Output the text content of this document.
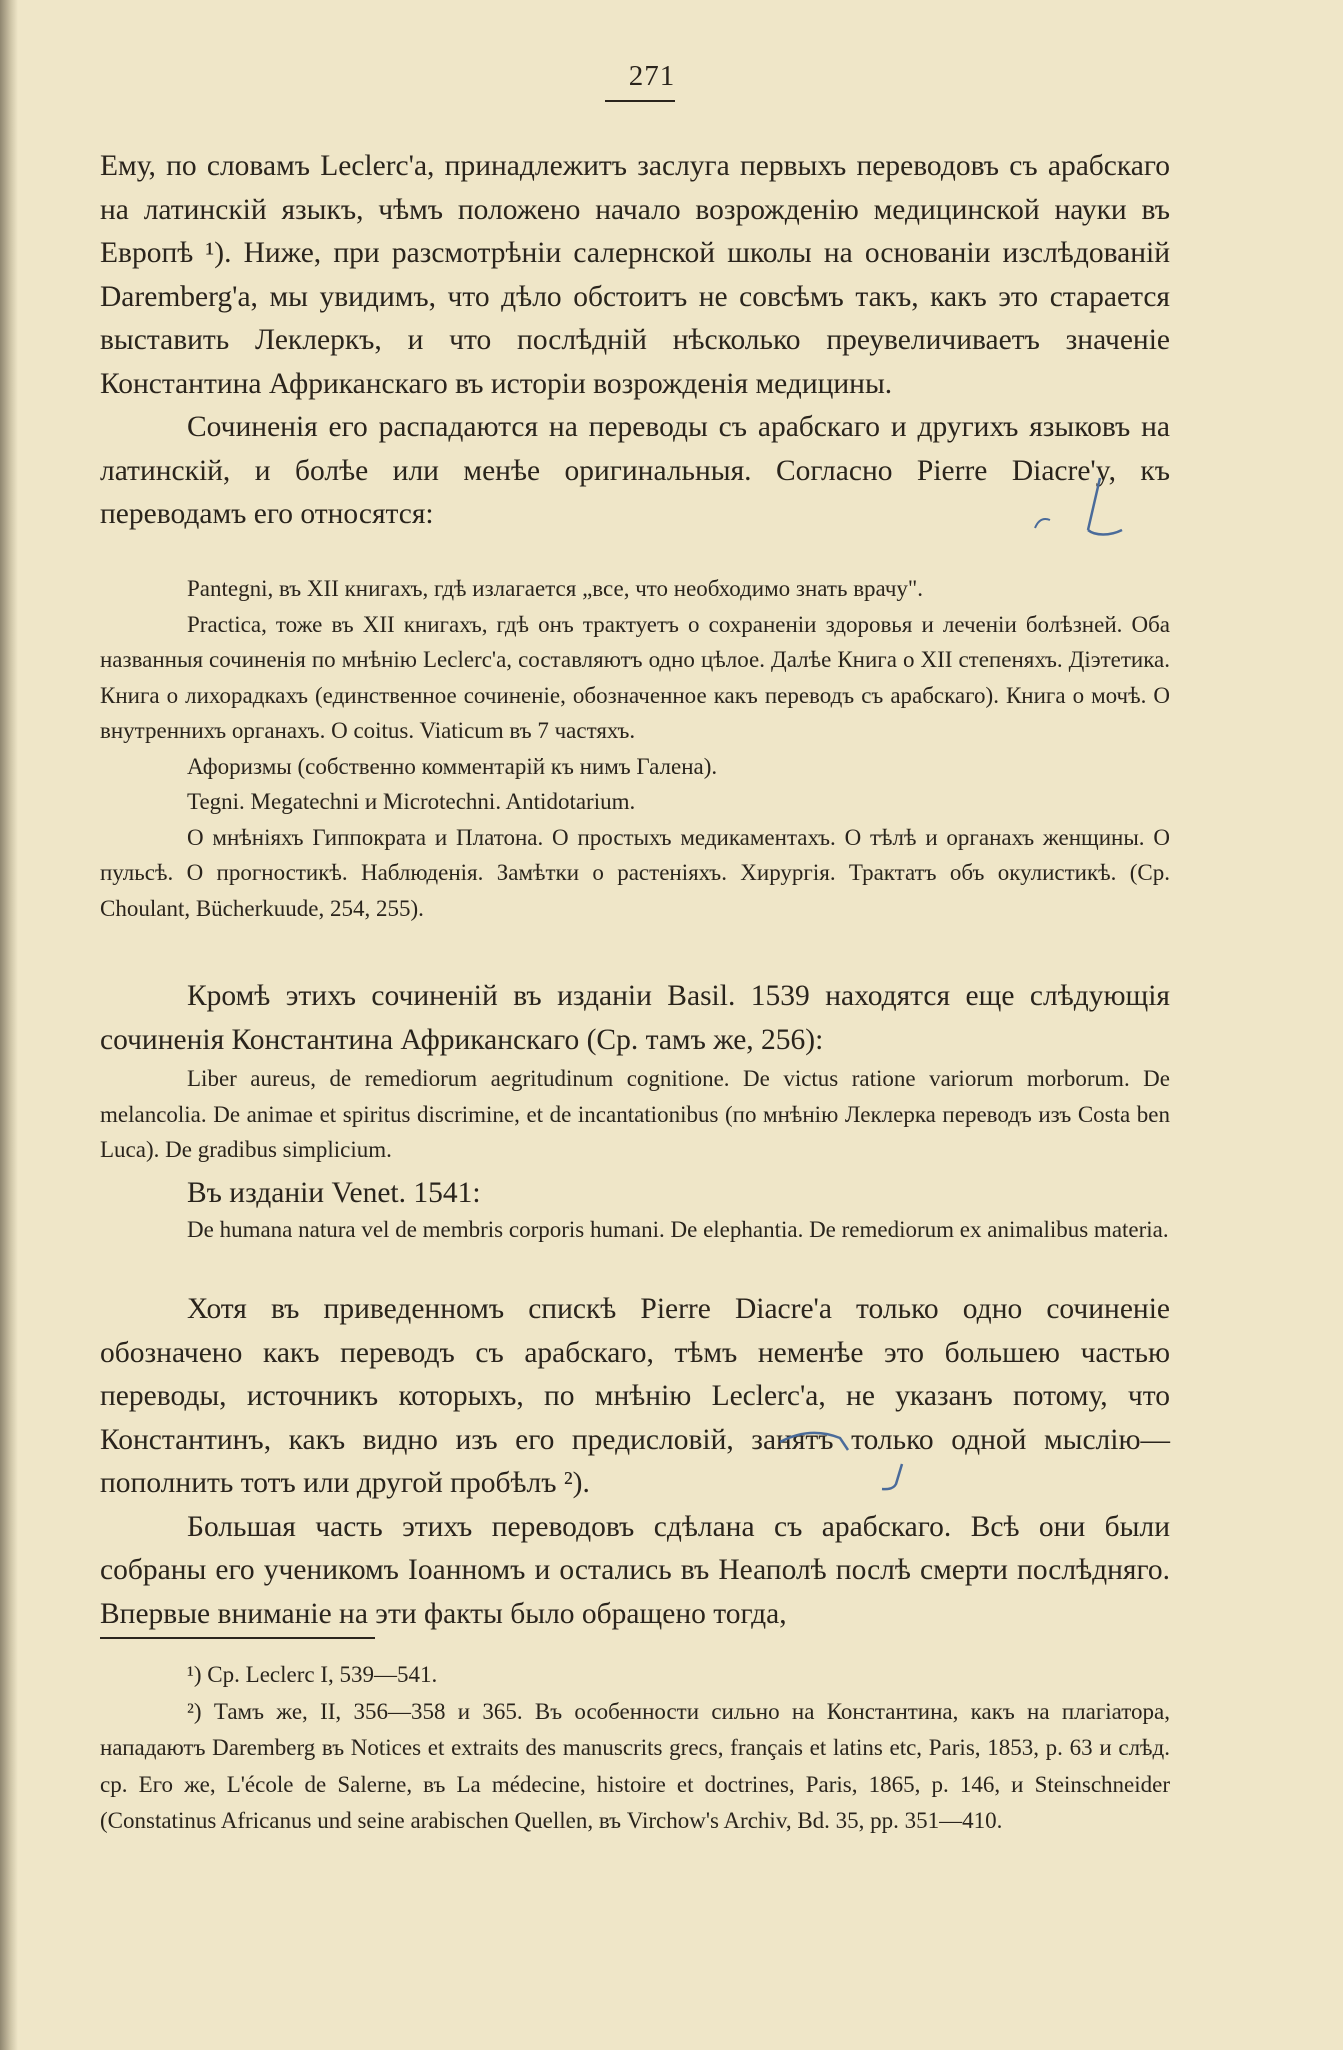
271

Ему, по словамъ Leclerc'a, принадлежитъ заслуга первыхъ переводовъ съ арабскаго на латинскій языкъ, чѣмъ положено начало возрожденію медицинской науки въ Европѣ ¹). Ниже, при разсмотрѣніи салернской школы на основаніи изслѣдованій Daremberg'a, мы увидимъ, что дѣло обстоитъ не совсѣмъ такъ, какъ это старается выставить Леклеркъ, и что послѣдній нѣсколько преувеличиваетъ значеніе Константина Африканскаго въ исторіи возрожденія медицины.

Сочиненія его распадаются на переводы съ арабскаго и другихъ языковъ на латинскій, и болѣе или менѣе оригинальныя. Согласно Pierre Diacre'y, къ переводамъ его относятся:

Pantegni, въ XII книгахъ, гдѣ излагается „все, что необходимо знать врачу".

Practica, тоже въ XII книгахъ, гдѣ онъ трактуетъ о сохраненіи здоровья и леченіи болѣзней. Оба названныя сочиненія по мнѣнію Leclerc'a, составляютъ одно цѣлое. Далѣе Книга о XII степеняхъ. Діэтетика. Книга о лихорадкахъ (единственное сочиненіе, обозначенное какъ переводъ съ арабскаго). Книга о мочѣ. О внутреннихъ органахъ. О coitus. Viaticum въ 7 частяхъ.

Афоризмы (собственно комментарій къ нимъ Галена).

Tegni. Megatechni и Microtechni. Antidotarium.

О мнѣніяхъ Гиппократа и Платона. О простыхъ медикаментахъ. О тѣлѣ и органахъ женщины. О пульсѣ. О прогностикѣ. Наблюденія. Замѣтки о растеніяхъ. Хирургія. Трактатъ объ окулистикѣ. (Ср. Choulant, Bücherkuude, 254, 255).

Кромѣ этихъ сочиненій въ изданіи Basil. 1539 находятся еще слѣдующія сочиненія Константина Африканскаго (Ср. тамъ же, 256):

Liber aureus, de remediorum aegritudinum cognitione. De victus ratione variorum morborum. De melancolia. De animae et spiritus discrimine, et de incantationibus (по мнѣнію Леклерка переводъ изъ Costa ben Luca). De gradibus simplicium.

Въ изданіи Venet. 1541:

De humana natura vel de membris corporis humani. De elephantia. De remediorum ex animalibus materia.

Хотя въ приведенномъ спискѣ Pierre Diacre'a только одно сочиненіе обозначено какъ переводъ съ арабскаго, тѣмъ неменѣе это большею частью переводы, источникъ которыхъ, по мнѣнію Leclerc'a, не указанъ потому, что Константинъ, какъ видно изъ его предисловій, занятъ только одной мыслію—пополнить тотъ или другой пробѣлъ ²).

Большая часть этихъ переводовъ сдѣлана съ арабскаго. Всѣ они были собраны его ученикомъ Іоанномъ и остались въ Неаполѣ послѣ смерти послѣдняго. Впервые вниманіе на эти факты было обращено тогда,

¹) Ср. Leclerc I, 539—541.

²) Тамъ же, II, 356—358 и 365. Въ особенности сильно на Константина, какъ на плагіатора, нападаютъ Daremberg въ Notices et extraits des manuscrits grecs, français et latins etc, Paris, 1853, p. 63 и слѣд. ср. Его же, L'école de Salerne, въ La médecine, histoire et doctrines, Paris, 1865, p. 146, и Steinschneider (Constatinus Africanus und seine arabischen Quellen, въ Virchow's Archiv, Bd. 35, pp. 351—410.
